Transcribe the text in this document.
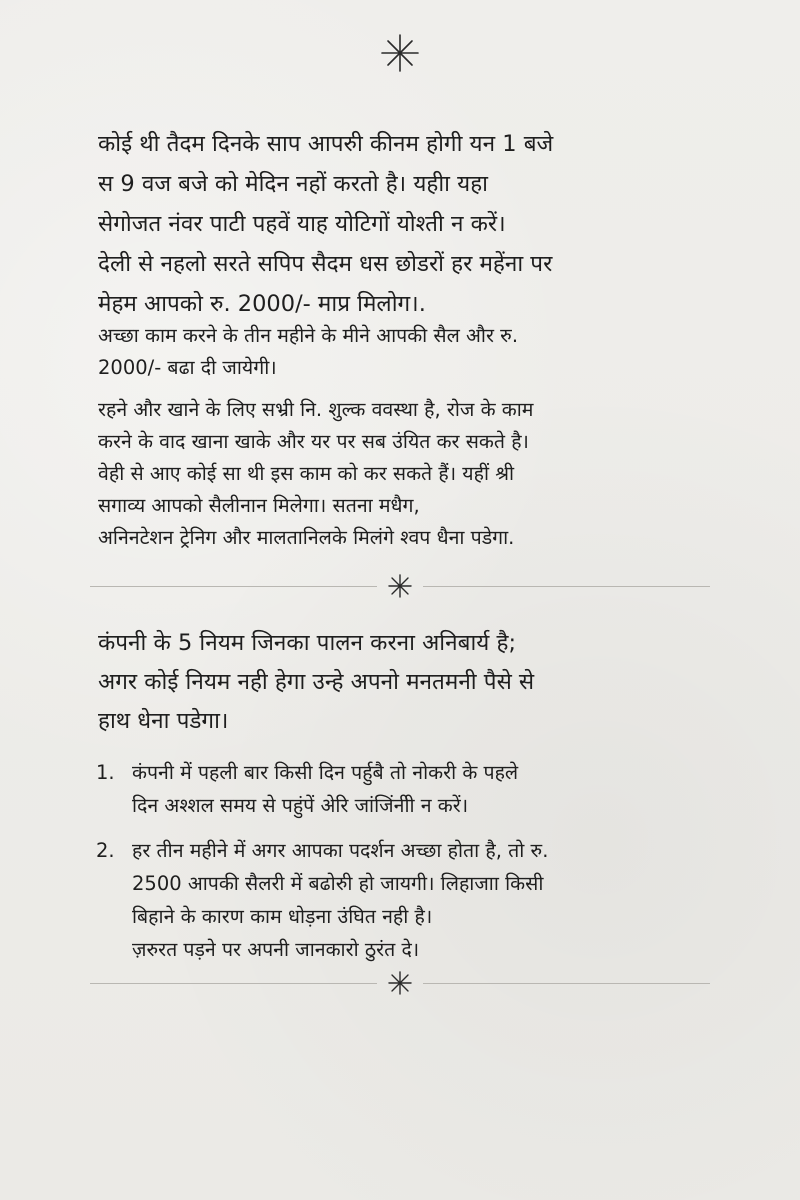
कोई थी तैदम दिनके साप आपरुी कीनम होगी यन 1 बजे
स 9 वज बजे को मेदिन नहों करतो है। यहीा यहा
सेगोजत नंवर पाटी पहवें याह योटिगों योश्ती न करें।
देली से नहलो सरते सपिप सैदम धस छोडरों हर महेंना पर
मेहम आपको रु. 2000/- माप्र मिलोग।.

अच्छा काम करने के तीन महीने के मीने आपकी सैल और रु.
2000/- बढा दी जायेगी।

रहने और खाने के लिए सभ्री नि. शुल्क ववस्था है, रोज के काम
करने के वाद खाना खाके और यर पर सब उंयित कर सकते है।
वेही से आए कोई सा थी इस काम को कर सकते हैं। यहीं श्री
सगाव्य आपको सैलीनान मिलेगा। सतना मधैग,
अनिनटेशन ट्रेनिग और मालतानिलके मिलंगे श्वप धैना पडेगा.

कंपनी के 5 नियम जिनका पालन करना अनिबार्य है;
अगर कोई नियम नही हेगा उन्हे अपनो मनतमनी पैसे से
हाथ धेना पडेगा।

1. कंपनी में पहली बार किसी दिन पर्हुबै तो नोकरी के पहले
दिन अश्शल समय से पहुंपें अेरि जांजिंनीी न करें।
2. हर तीन महीने में अगर आपका पदर्शन अच्छा होता है, तो रु.
2500 आपकी सैलरी में बढोरुी हो जायगी। लिहाजाा किसी
बिहाने के कारण काम धोड़ना उंघित नही है।
ज़रुरत पड़ने पर अपनी जानकारो ठुरंत दे।
